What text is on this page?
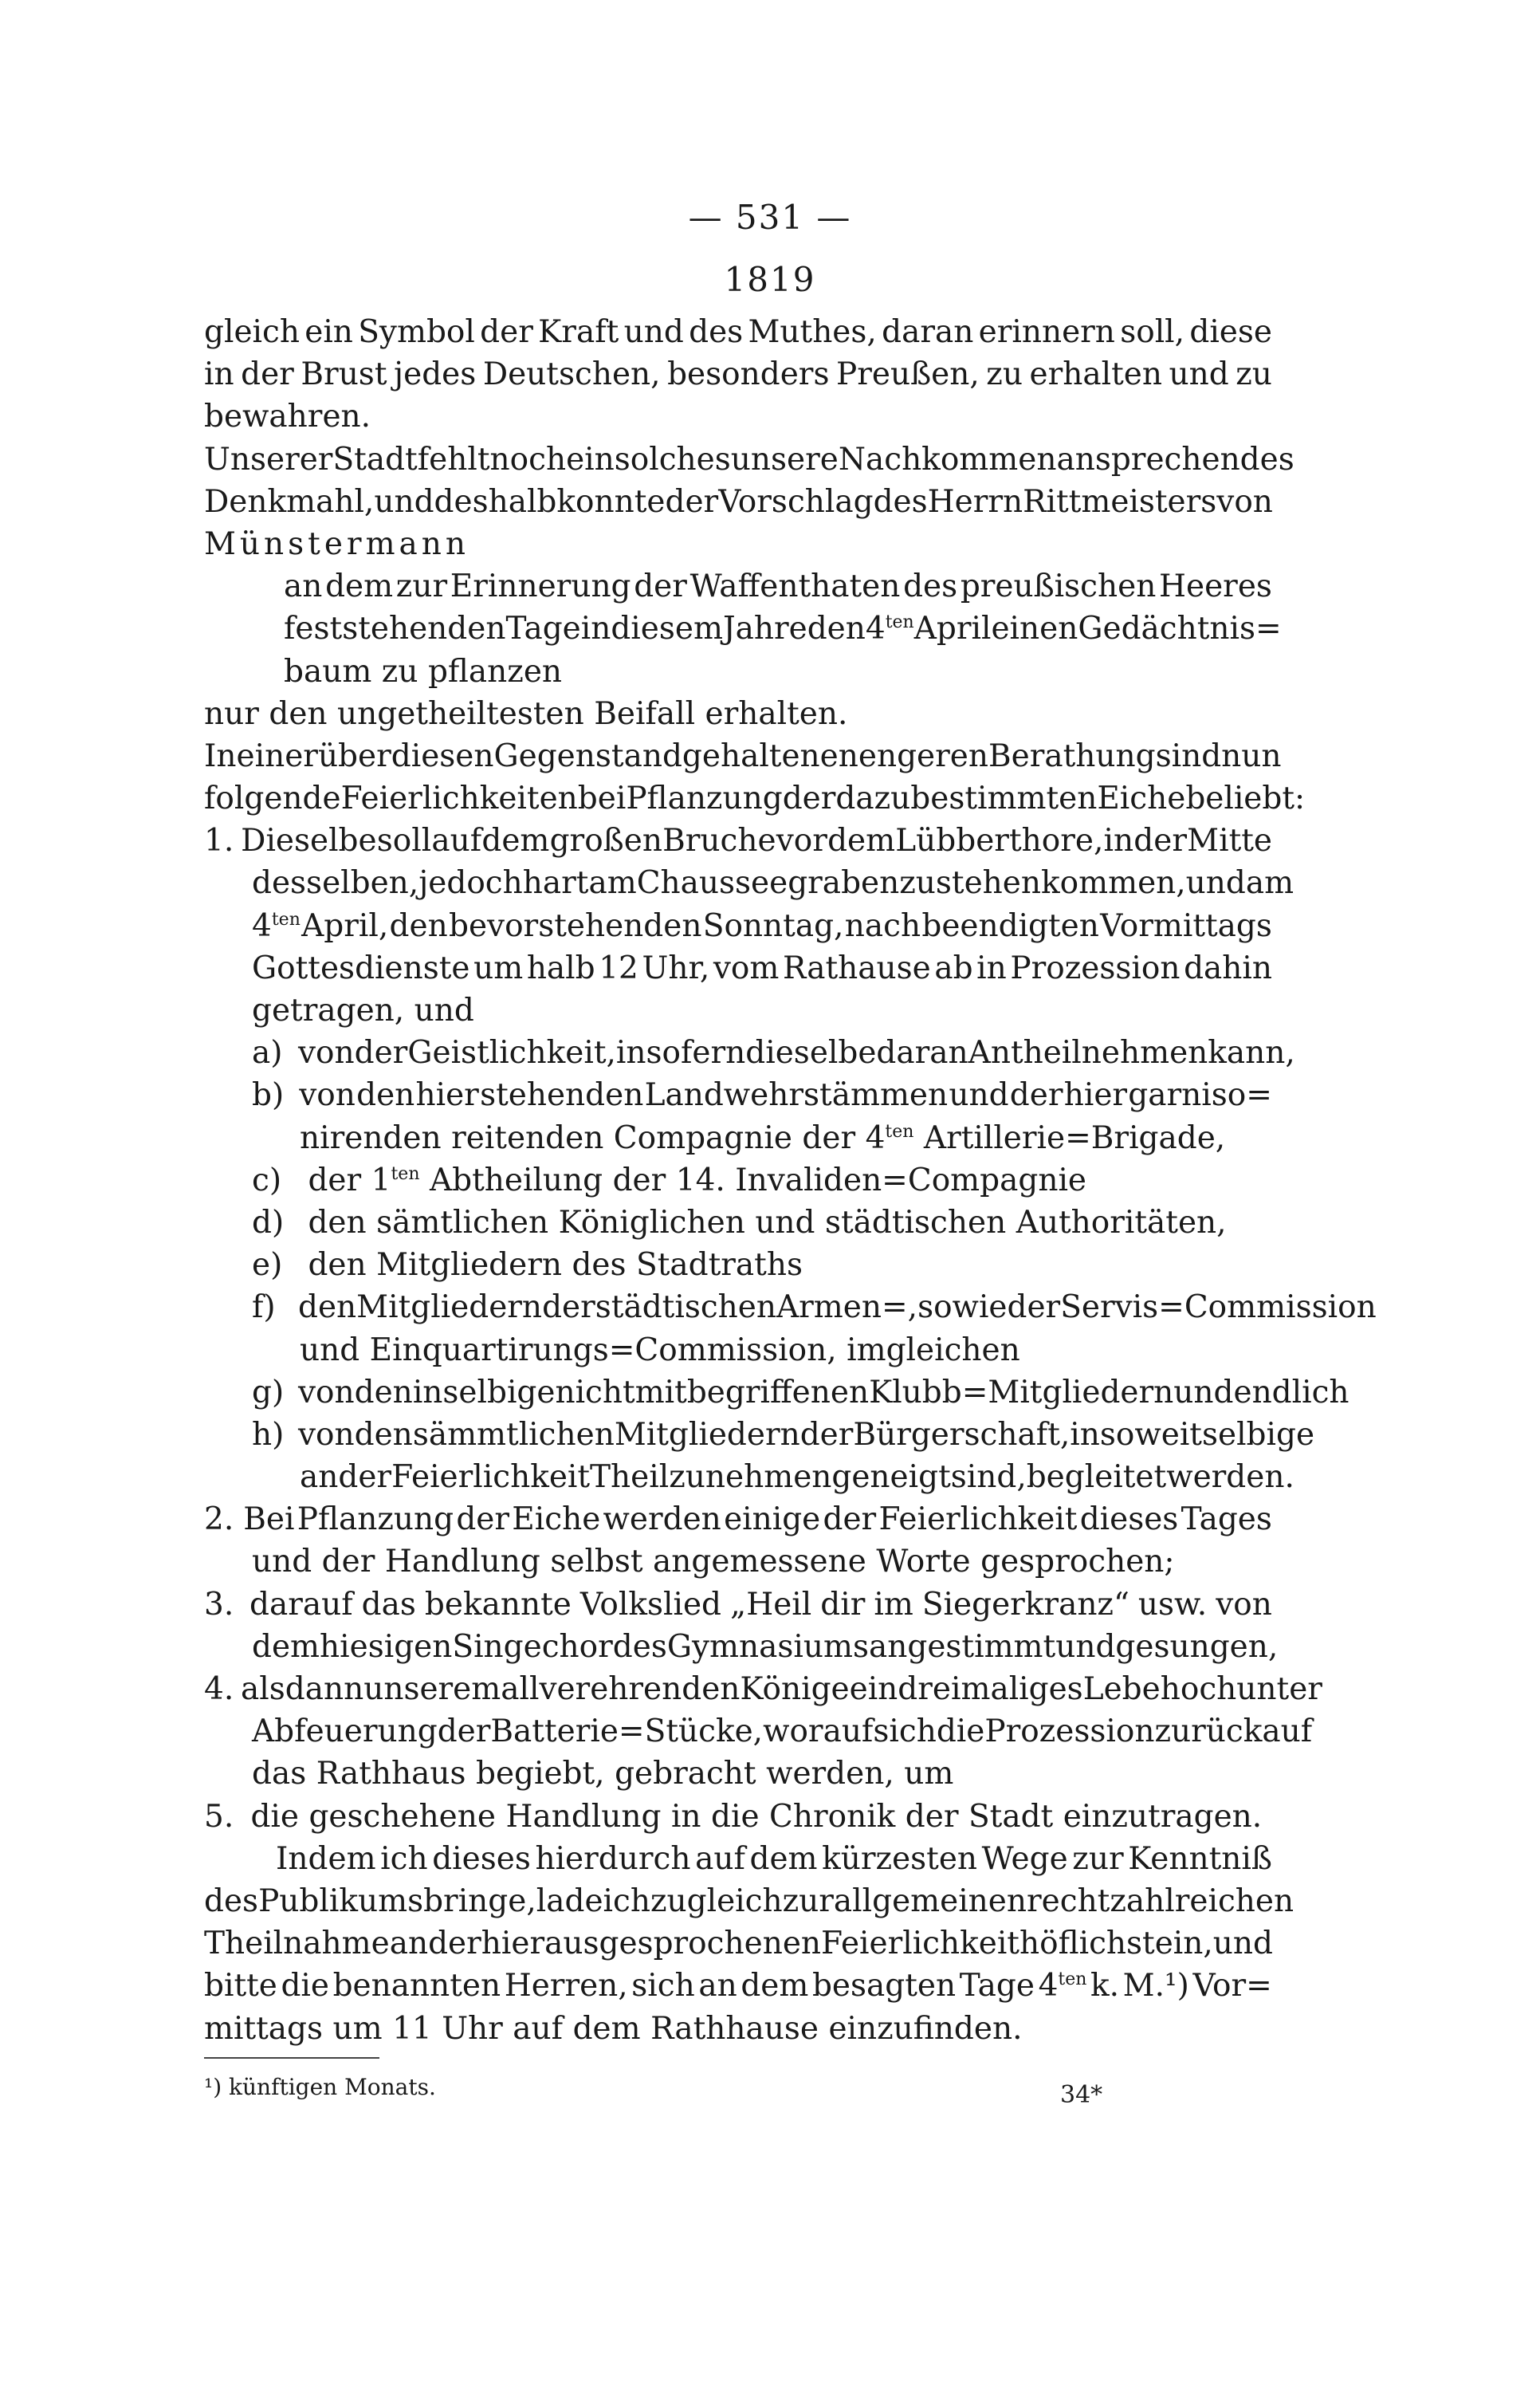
— 531 —
1819
gleich ein Symbol der Kraft und des Muthes, daran erinnern soll, diese
in der Brust jedes Deutschen, besonders Preußen, zu erhalten und zu
bewahren.
Unserer Stadt fehlt noch ein solches unsere Nachkommen ansprechendes
Denkmahl, und deshalb konnte der Vorschlag des Herrn Rittmeisters von
Münstermann
an dem zur Erinnerung der Waffenthaten des preußischen Heeres
feststehenden Tage in diesem Jahre den $4^{ten}$ April einen Gedächtnis=
baum zu pflanzen
nur den ungetheiltesten Beifall erhalten.
In einer über diesen Gegenstand gehaltenen engeren Berathung sind nun
folgende Feierlichkeiten bei Pflanzung der dazu bestimmten Eiche beliebt:
1. Dieselbe soll auf dem großen Bruche vor dem Lübberthore, in der Mitte
desselben, jedoch hart am Chausseegraben zu stehen kommen, und am
$4^{ten}$ April, den bevorstehenden Sonntag, nach beendigten Vormittags
Gottesdienste um halb 12 Uhr, vom Rathause ab in Prozession dahin
getragen, und
a) von der Geistlichkeit, insofern dieselbe daran Antheil nehmen kann,
b) von den hier stehenden Landwehrstämmen und der hier garniso=
nirenden reitenden Compagnie der $4^{ten}$ Artillerie=Brigade,
c) der $1^{ten}$ Abtheilung der 14. Invaliden=Compagnie
d) den sämtlichen Königlichen und städtischen Authoritäten,
e) den Mitgliedern des Stadtraths
f) den Mitgliedern der städtischen Armen=, sowie der Servis=Commission
und Einquartirungs=Commission, imgleichen
g) von den in selbige nicht mitbegriffenen Klubb=Mitgliedern und endlich
h) von den sämmtlichen Mitgliedern der Bürgerschaft, in so weit selbige
an der Feierlichkeit Theil zu nehmen geneigt sind, begleitet werden.
2. Bei Pflanzung der Eiche werden einige der Feierlichkeit dieses Tages
und der Handlung selbst angemessene Worte gesprochen;
3. darauf das bekannte Volkslied „Heil dir im Siegerkranz“ usw. von
dem hiesigen Singechor des Gymnasiums angestimmt und gesungen,
4. alsdann unserem allverehrenden Könige ein dreimaliges Lebehoch unter
Abfeuerung der Batterie=Stücke, worauf sich die Prozession zurück auf
das Rathhaus begiebt, gebracht werden, um
5. die geschehene Handlung in die Chronik der Stadt einzutragen.
Indem ich dieses hierdurch auf dem kürzesten Wege zur Kenntniß
des Publikums bringe, lade ich zugleich zur allgemeinen recht zahlreichen
Theilnahme an der hier ausgesprochenen Feierlichkeit höflichst ein, und
bitte die benannten Herren, sich an dem besagten Tage $4^{ten}$ k. M.¹) Vor=
mittags um 11 Uhr auf dem Rathhause einzufinden.
¹) künftigen Monats.	34*
